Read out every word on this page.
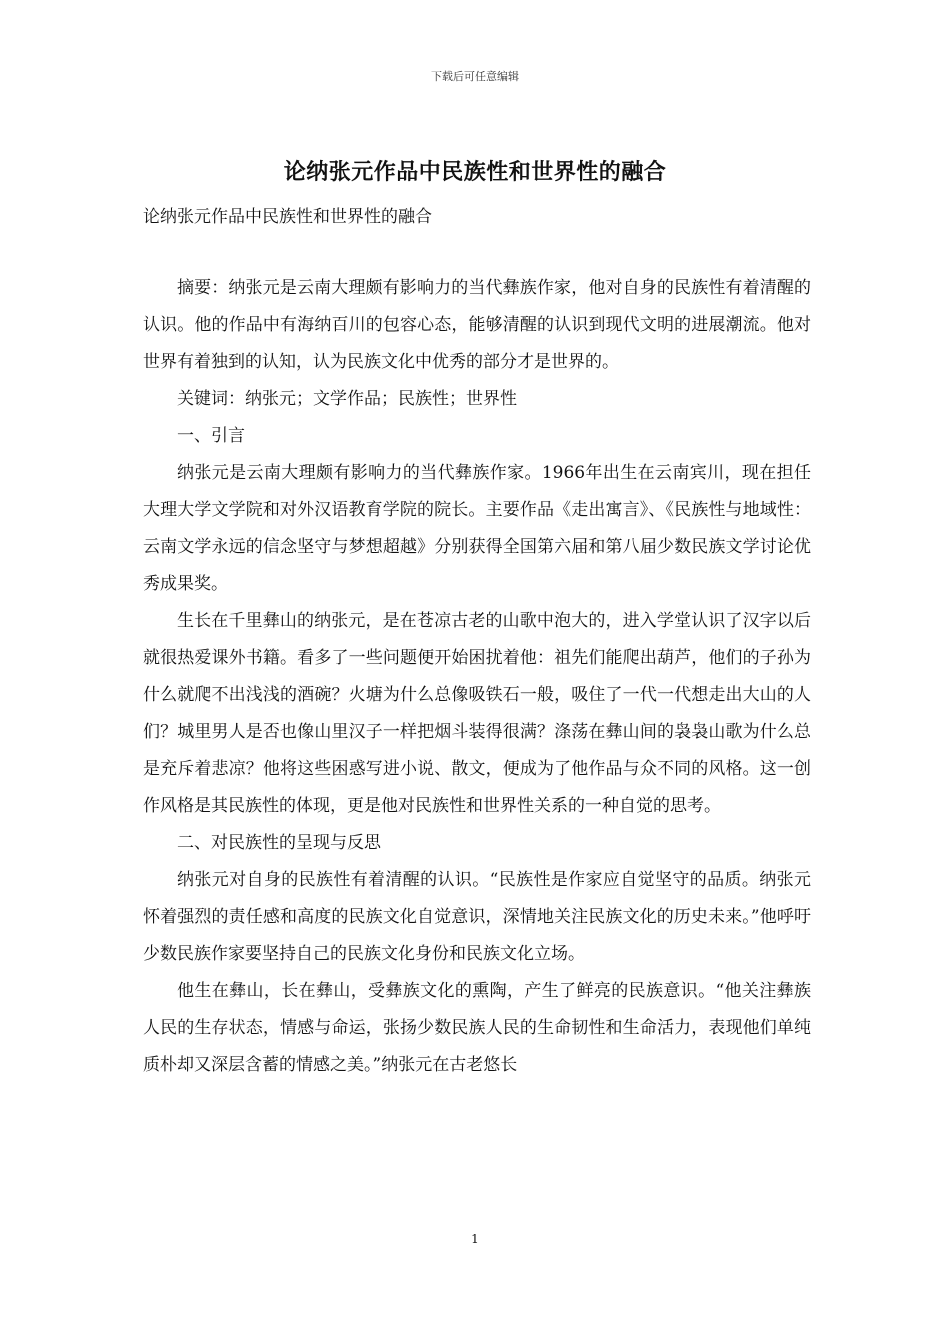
下载后可任意编辑
论纳张元作品中民族性和世界性的融合
论纳张元作品中民族性和世界性的融合

摘要：纳张元是云南大理颇有影响力的当代彝族作家，他对自身的民族性有着清醒的认识。他的作品中有海纳百川的包容心态，能够清醒的认识到现代文明的进展潮流。他对世界有着独到的认知，认为民族文化中优秀的部分才是世界的。

关键词：纳张元；文学作品；民族性；世界性

一、引言

纳张元是云南大理颇有影响力的当代彝族作家。1966年出生在云南宾川，现在担任大理大学文学院和对外汉语教育学院的院长。主要作品《走出寓言》、《民族性与地域性：云南文学永远的信念坚守与梦想超越》分别获得全国第六届和第八届少数民族文学讨论优秀成果奖。

生长在千里彝山的纳张元，是在苍凉古老的山歌中泡大的，进入学堂认识了汉字以后就很热爱课外书籍。看多了一些问题便开始困扰着他：祖先们能爬出葫芦，他们的子孙为什么就爬不出浅浅的酒碗？火塘为什么总像吸铁石一般，吸住了一代一代想走出大山的人们？城里男人是否也像山里汉子一样把烟斗装得很满？涤荡在彝山间的袅袅山歌为什么总是充斥着悲凉？他将这些困惑写进小说、散文，便成为了他作品与众不同的风格。这一创作风格是其民族性的体现，更是他对民族性和世界性关系的一种自觉的思考。

二、对民族性的呈现与反思

纳张元对自身的民族性有着清醒的认识。“民族性是作家应自觉坚守的品质。纳张元怀着强烈的责任感和高度的民族文化自觉意识，深情地关注民族文化的历史未来。”他呼吁少数民族作家要坚持自己的民族文化身份和民族文化立场。

他生在彝山，长在彝山，受彝族文化的熏陶，产生了鲜亮的民族意识。“他关注彝族人民的生存状态，情感与命运，张扬少数民族人民的生命韧性和生命活力，表现他们单纯质朴却又深层含蓄的情感之美。”纳张元在古老悠长

1
